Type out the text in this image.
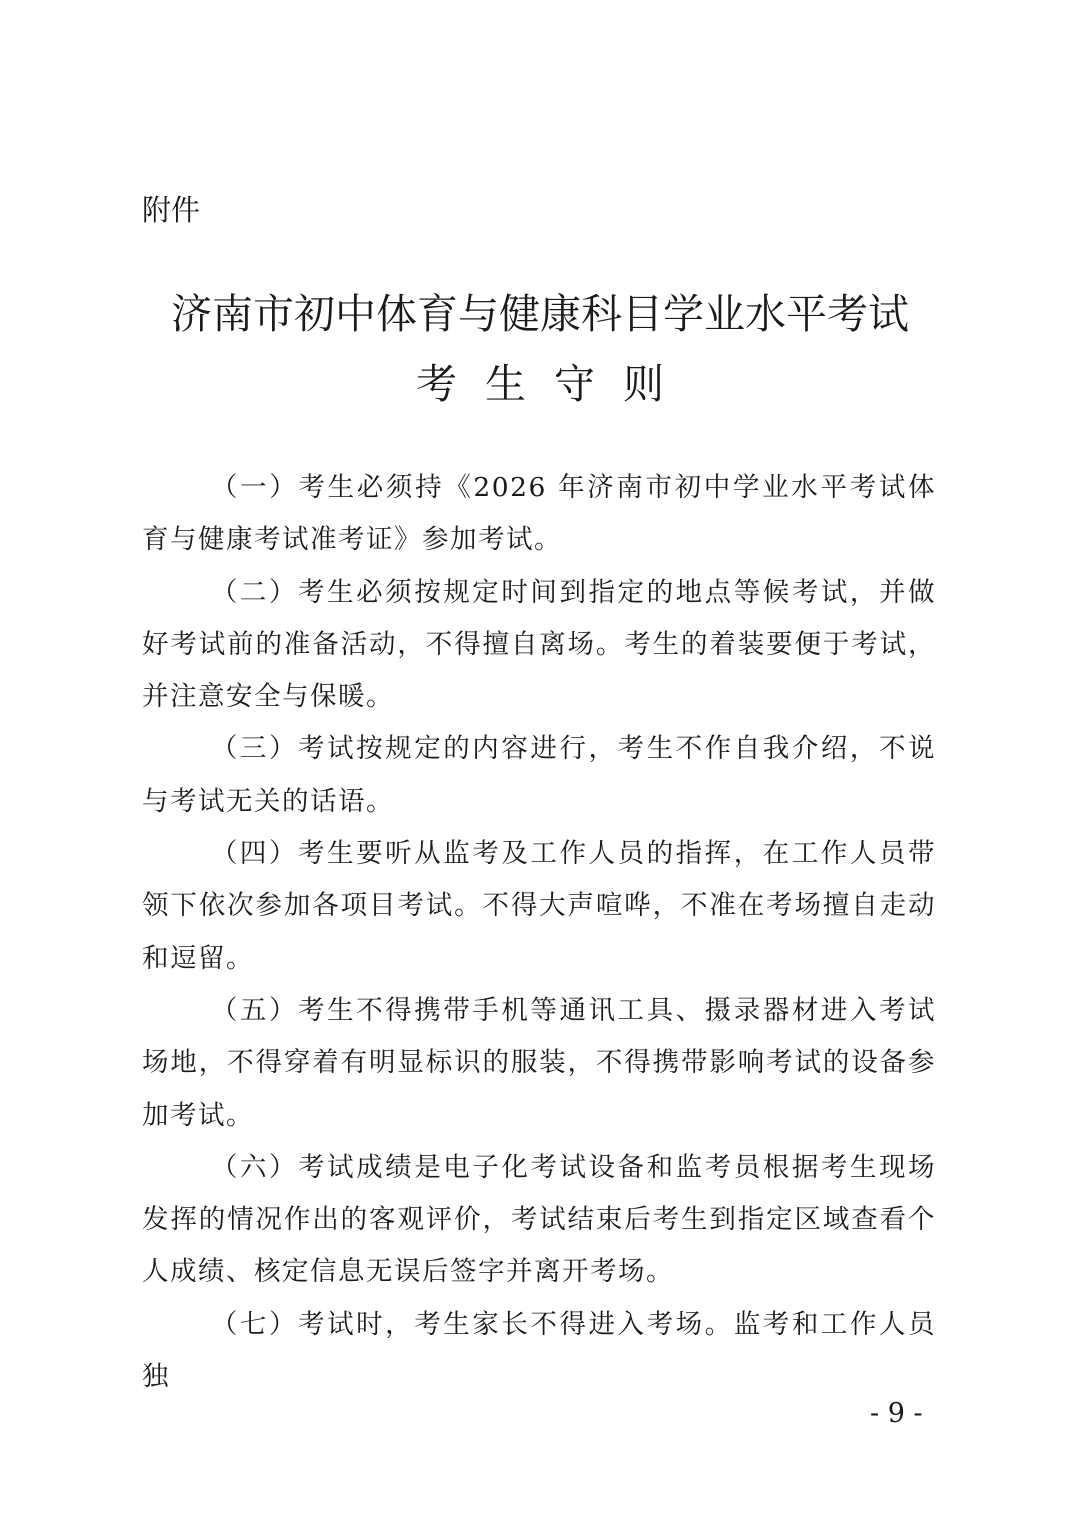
附件

济南市初中体育与健康科目学业水平考试
考生守则

（一）考生必须持《2026 年济南市初中学业水平考试体育与健康考试准考证》参加考试。

（二）考生必须按规定时间到指定的地点等候考试，并做好考试前的准备活动，不得擅自离场。考生的着装要便于考试，并注意安全与保暖。

（三）考试按规定的内容进行，考生不作自我介绍，不说与考试无关的话语。

（四）考生要听从监考及工作人员的指挥，在工作人员带领下依次参加各项目考试。不得大声喧哗，不准在考场擅自走动和逗留。

（五）考生不得携带手机等通讯工具、摄录器材进入考试场地，不得穿着有明显标识的服装，不得携带影响考试的设备参加考试。

（六）考试成绩是电子化考试设备和监考员根据考生现场发挥的情况作出的客观评价，考试结束后考生到指定区域查看个人成绩、核定信息无误后签字并离开考场。

（七）考试时，考生家长不得进入考场。监考和工作人员独

- 9 -
